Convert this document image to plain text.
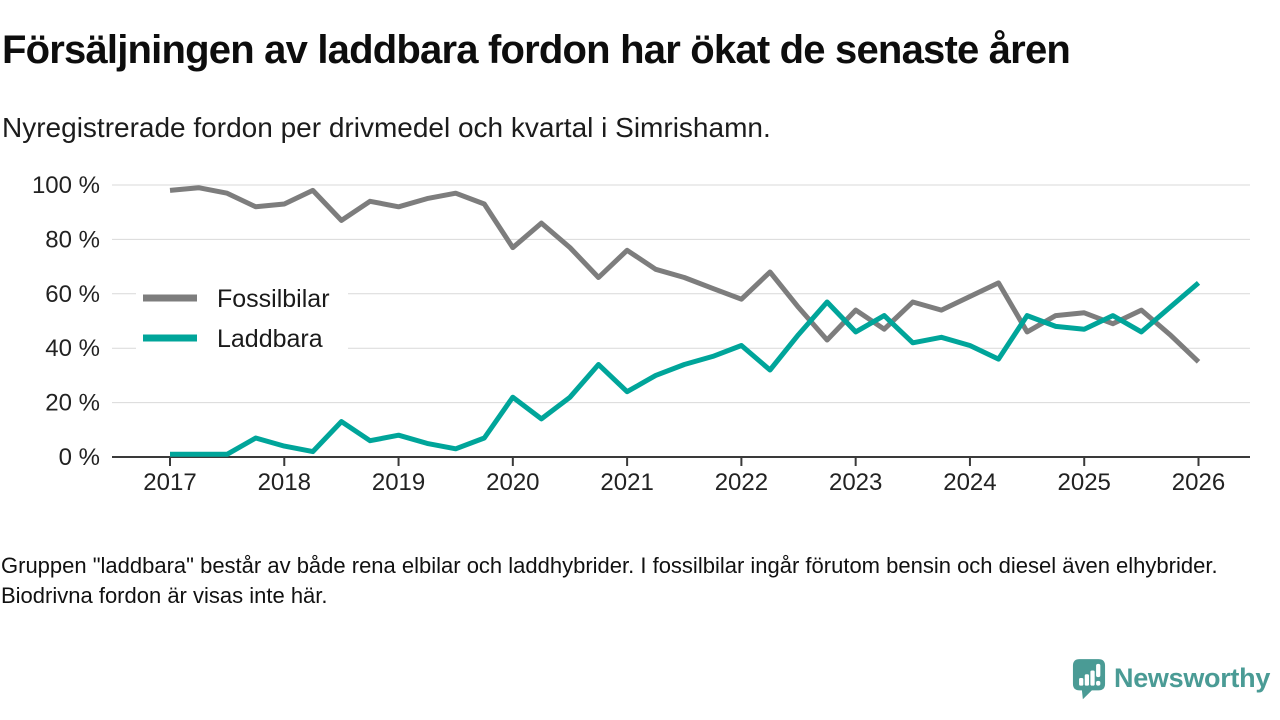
Försäljningen av laddbara fordon har ökat de senaste åren

Nyregistrerade fordon per drivmedel och kvartal i Simrishamn.

0 %
20 %
40 %
60 %
80 %
100 %
2017	2018	2019	2020	2021	2022	2023	2024	2025	2026
Fossilbilar
Laddbara

Gruppen "laddbara" består av både rena elbilar och laddhybrider. I fossilbilar ingår förutom bensin och diesel även elhybrider. Biodrivna fordon är visas inte här.

Newsworthy
